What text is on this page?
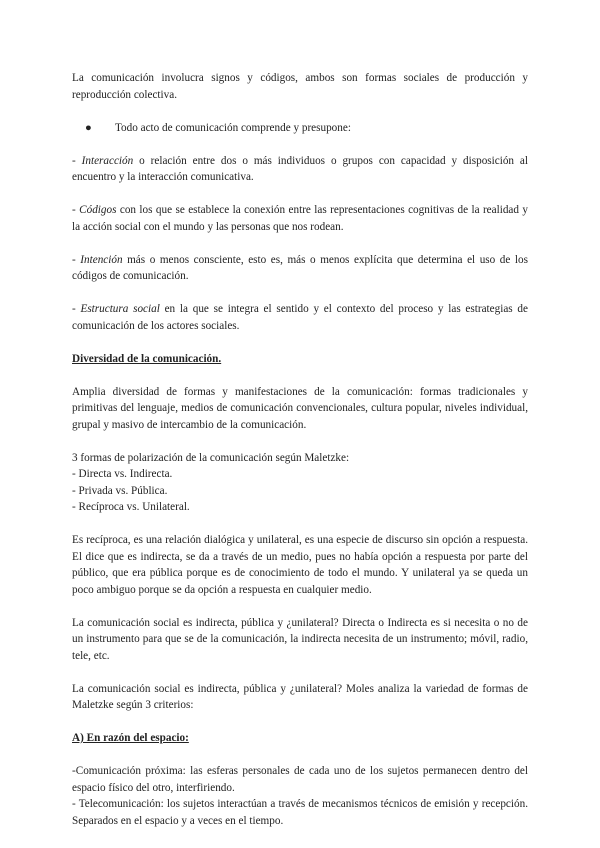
La comunicación involucra signos y códigos, ambos son formas sociales de producción y reproducción colectiva.

●	Todo acto de comunicación comprende y presupone:

- Interacción o relación entre dos o más individuos o grupos con capacidad y disposición al encuentro y la interacción comunicativa.

- Códigos con los que se establece la conexión entre las representaciones cognitivas de la realidad y la acción social con el mundo y las personas que nos rodean.

- Intención más o menos consciente, esto es, más o menos explícita que determina el uso de los códigos de comunicación.

- Estructura social en la que se integra el sentido y el contexto del proceso y las estrategias de comunicación de los actores sociales.

Diversidad de la comunicación.

Amplia diversidad de formas y manifestaciones de la comunicación: formas tradicionales y primitivas del lenguaje, medios de comunicación convencionales, cultura popular, niveles individual, grupal y masivo de intercambio de la comunicación.

3 formas de polarización de la comunicación según Maletzke:

- Directa vs. Indirecta.

- Privada vs. Pública.

- Recíproca vs. Unilateral.

Es recíproca, es una relación dialógica y unilateral, es una especie de discurso sin opción a respuesta. El dice que es indirecta, se da a través de un medio, pues no había opción a respuesta por parte del público, que era pública porque es de conocimiento de todo el mundo. Y unilateral ya se queda un poco ambiguo porque se da opción a respuesta en cualquier medio.

La comunicación social es indirecta, pública y ¿unilateral? Directa o Indirecta es si necesita o no de un instrumento para que se de la comunicación, la indirecta necesita de un instrumento; móvil, radio, tele, etc.

La comunicación social es indirecta, pública y ¿unilateral? Moles analiza la variedad de formas de Maletzke según 3 criterios:

A) En razón del espacio:

-Comunicación próxima: las esferas personales de cada uno de los sujetos permanecen dentro del espacio físico del otro, interfiriendo.

- Telecomunicación: los sujetos interactúan a través de mecanismos técnicos de emisión y recepción. Separados en el espacio y a veces en el tiempo.
